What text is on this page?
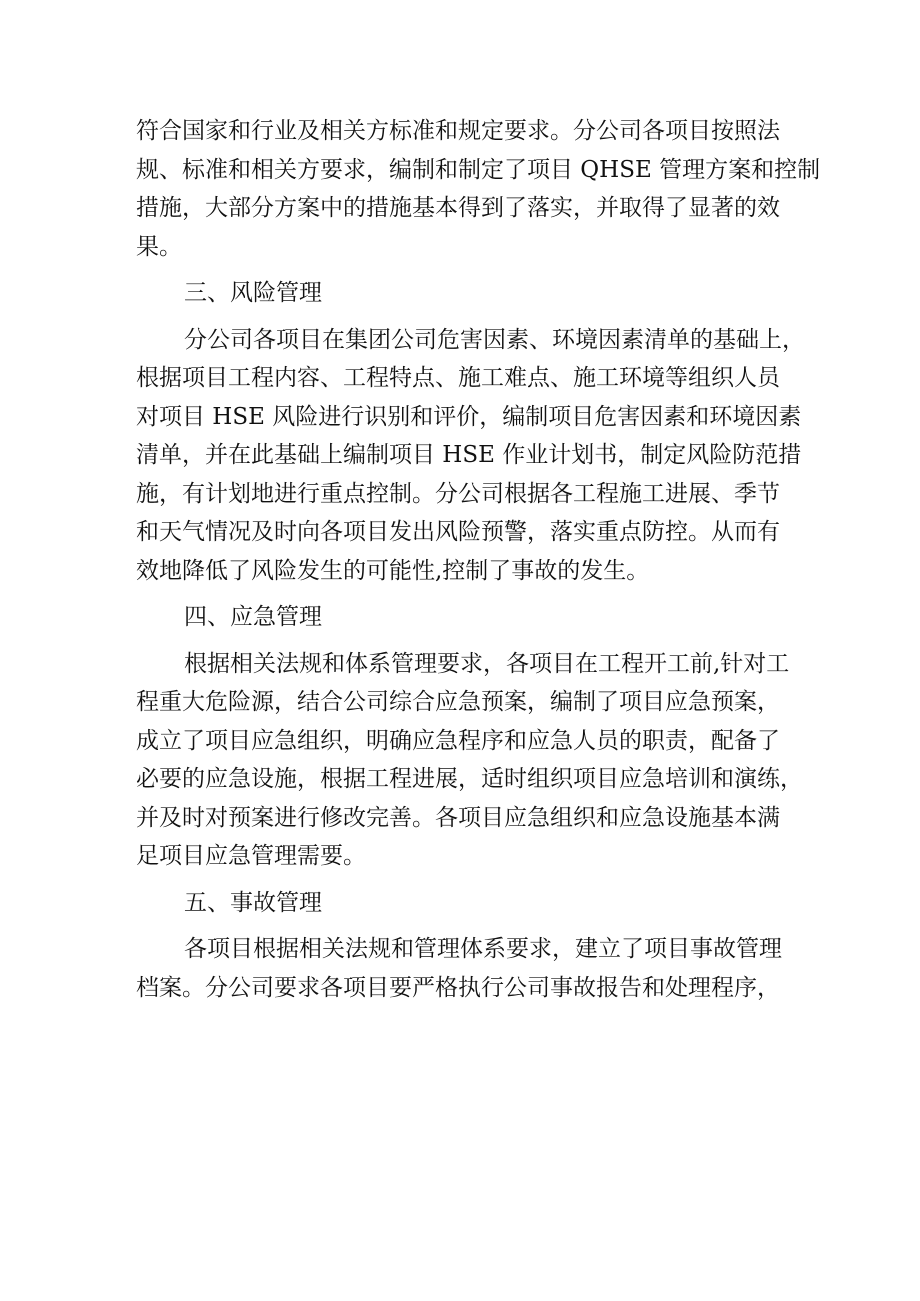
符合国家和行业及相关方标准和规定要求。分公司各项目按照法
规、标准和相关方要求，编制和制定了项目 QHSE 管理方案和控制
措施，大部分方案中的措施基本得到了落实，并取得了显著的效
果。
三、风险管理
分公司各项目在集团公司危害因素、环境因素清单的基础上，
根据项目工程内容、工程特点、施工难点、施工环境等组织人员
对项目 HSE 风险进行识别和评价，编制项目危害因素和环境因素
清单，并在此基础上编制项目 HSE 作业计划书，制定风险防范措
施，有计划地进行重点控制。分公司根据各工程施工进展、季节
和天气情况及时向各项目发出风险预警，落实重点防控。从而有
效地降低了风险发生的可能性,控制了事故的发生。
四、应急管理
根据相关法规和体系管理要求，各项目在工程开工前,针对工
程重大危险源，结合公司综合应急预案，编制了项目应急预案，
成立了项目应急组织，明确应急程序和应急人员的职责，配备了
必要的应急设施，根据工程进展，适时组织项目应急培训和演练，
并及时对预案进行修改完善。各项目应急组织和应急设施基本满
足项目应急管理需要。
五、事故管理
各项目根据相关法规和管理体系要求，建立了项目事故管理
档案。分公司要求各项目要严格执行公司事故报告和处理程序，
